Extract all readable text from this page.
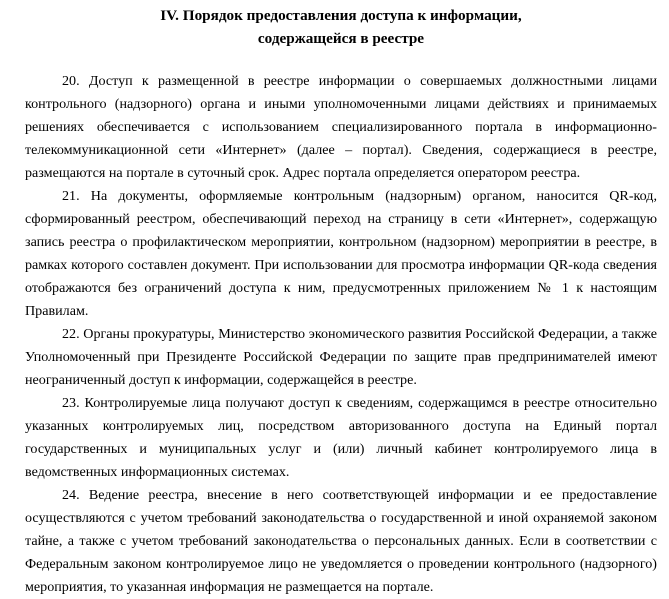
IV. Порядок предоставления доступа к информации,
содержащейся в реестре

20. Доступ к размещенной в реестре информации о совершаемых должностными лицами контрольного (надзорного) органа и иными уполномоченными лицами действиях и принимаемых решениях обеспечивается с использованием специализированного портала в информационно-телекоммуникационной сети «Интернет» (далее – портал). Сведения, содержащиеся в реестре, размещаются на портале в суточный срок. Адрес портала определяется оператором реестра.

21. На документы, оформляемые контрольным (надзорным) органом, наносится QR-код, сформированный реестром, обеспечивающий переход на страницу в сети «Интернет», содержащую запись реестра о профилактическом мероприятии, контрольном (надзорном) мероприятии в реестре, в рамках которого составлен документ. При использовании для просмотра информации QR-кода сведения отображаются без ограничений доступа к ним, предусмотренных приложением № 1 к настоящим Правилам.

22. Органы прокуратуры, Министерство экономического развития Российской Федерации, а также Уполномоченный при Президенте Российской Федерации по защите прав предпринимателей имеют неограниченный доступ к информации, содержащейся в реестре.

23. Контролируемые лица получают доступ к сведениям, содержащимся в реестре относительно указанных контролируемых лиц, посредством авторизованного доступа на Единый портал государственных и муниципальных услуг и (или) личный кабинет контролируемого лица в ведомственных информационных системах.

24. Ведение реестра, внесение в него соответствующей информации и ее предоставление осуществляются с учетом требований законодательства о государственной и иной охраняемой законом тайне, а также с учетом требований законодательства о персональных данных. Если в соответствии с Федеральным законом контролируемое лицо не уведомляется о проведении контрольного (надзорного) мероприятия, то указанная информация не размещается на портале.
